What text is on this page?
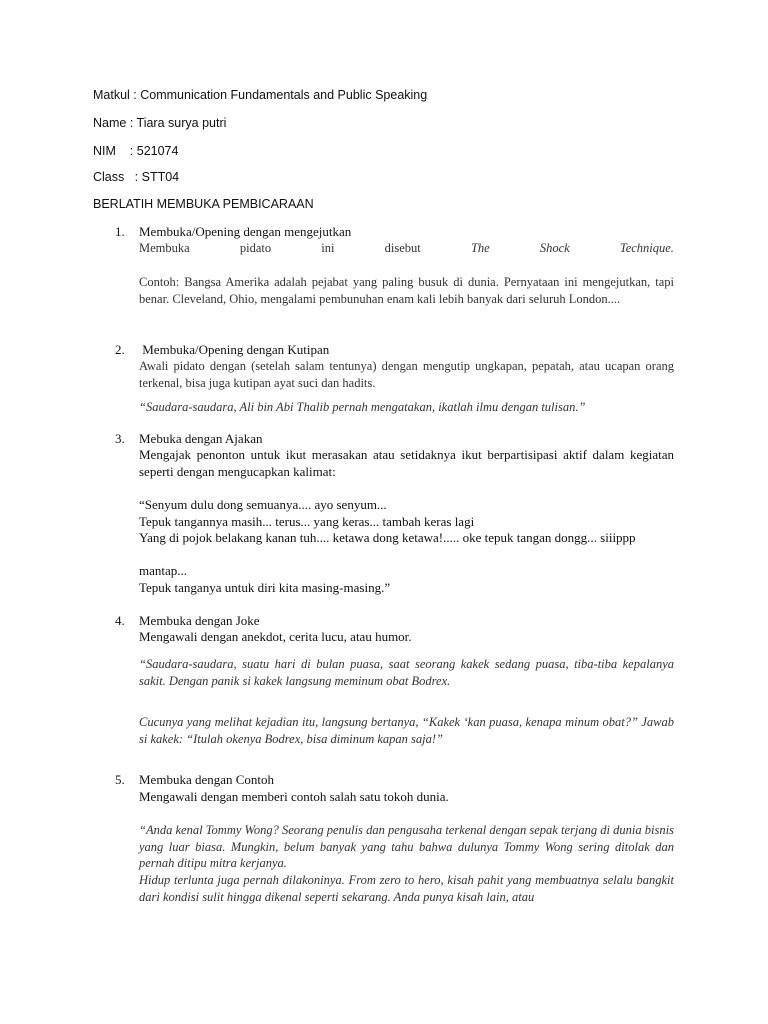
Matkul : Communication Fundamentals and Public Speaking
Name : Tiara surya putri
NIM    : 521074
Class   : STT04
BERLATIH MEMBUKA PEMBICARAAN
1. Membuka/Opening dengan mengejutkan
Membuka	pidato	ini	disebut	The	Shock	Technique.
Contoh: Bangsa Amerika adalah pejabat yang paling busuk di dunia. Pernyataan ini mengejutkan, tapi benar. Cleveland, Ohio, mengalami pembunuhan enam kali lebih banyak dari seluruh London....
2. Membuka/Opening dengan Kutipan
Awali pidato dengan (setelah salam tentunya) dengan mengutip ungkapan, pepatah, atau ucapan orang terkenal, bisa juga kutipan ayat suci dan hadits.
“Saudara-saudara, Ali bin Abi Thalib pernah mengatakan, ikatlah ilmu dengan tulisan.”
3. Mebuka dengan Ajakan
Mengajak penonton untuk ikut merasakan atau setidaknya ikut berpartisipasi aktif dalam kegiatan seperti dengan mengucapkan kalimat:
“Senyum dulu dong semuanya.... ayo senyum...
Tepuk tangannya masih... terus... yang keras... tambah keras lagi
Yang di pojok belakang kanan tuh.... ketawa dong ketawa!..... oke tepuk tangan dongg... siiippp
mantap...
Tepuk tanganya untuk diri kita masing-masing.”
4. Membuka dengan Joke
Mengawali dengan anekdot, cerita lucu, atau humor.
“Saudara-saudara, suatu hari di bulan puasa, saat seorang kakek sedang puasa, tiba-tiba kepalanya sakit. Dengan panik si kakek langsung meminum obat Bodrex.
Cucunya yang melihat kejadian itu, langsung bertanya, “Kakek ‘kan puasa, kenapa minum obat?” Jawab si kakek: “Itulah okenya Bodrex, bisa diminum kapan saja!”
5. Membuka dengan Contoh
Mengawali dengan memberi contoh salah satu tokoh dunia.
“Anda kenal Tommy Wong? Seorang penulis dan pengusaha terkenal dengan sepak terjang di dunia bisnis yang luar biasa. Mungkin, belum banyak yang tahu bahwa dulunya Tommy Wong sering ditolak dan pernah ditipu mitra kerjanya.
Hidup terlunta juga pernah dilakoninya. From zero to hero, kisah pahit yang membuatnya selalu bangkit dari kondisi sulit hingga dikenal seperti sekarang. Anda punya kisah lain, atau
